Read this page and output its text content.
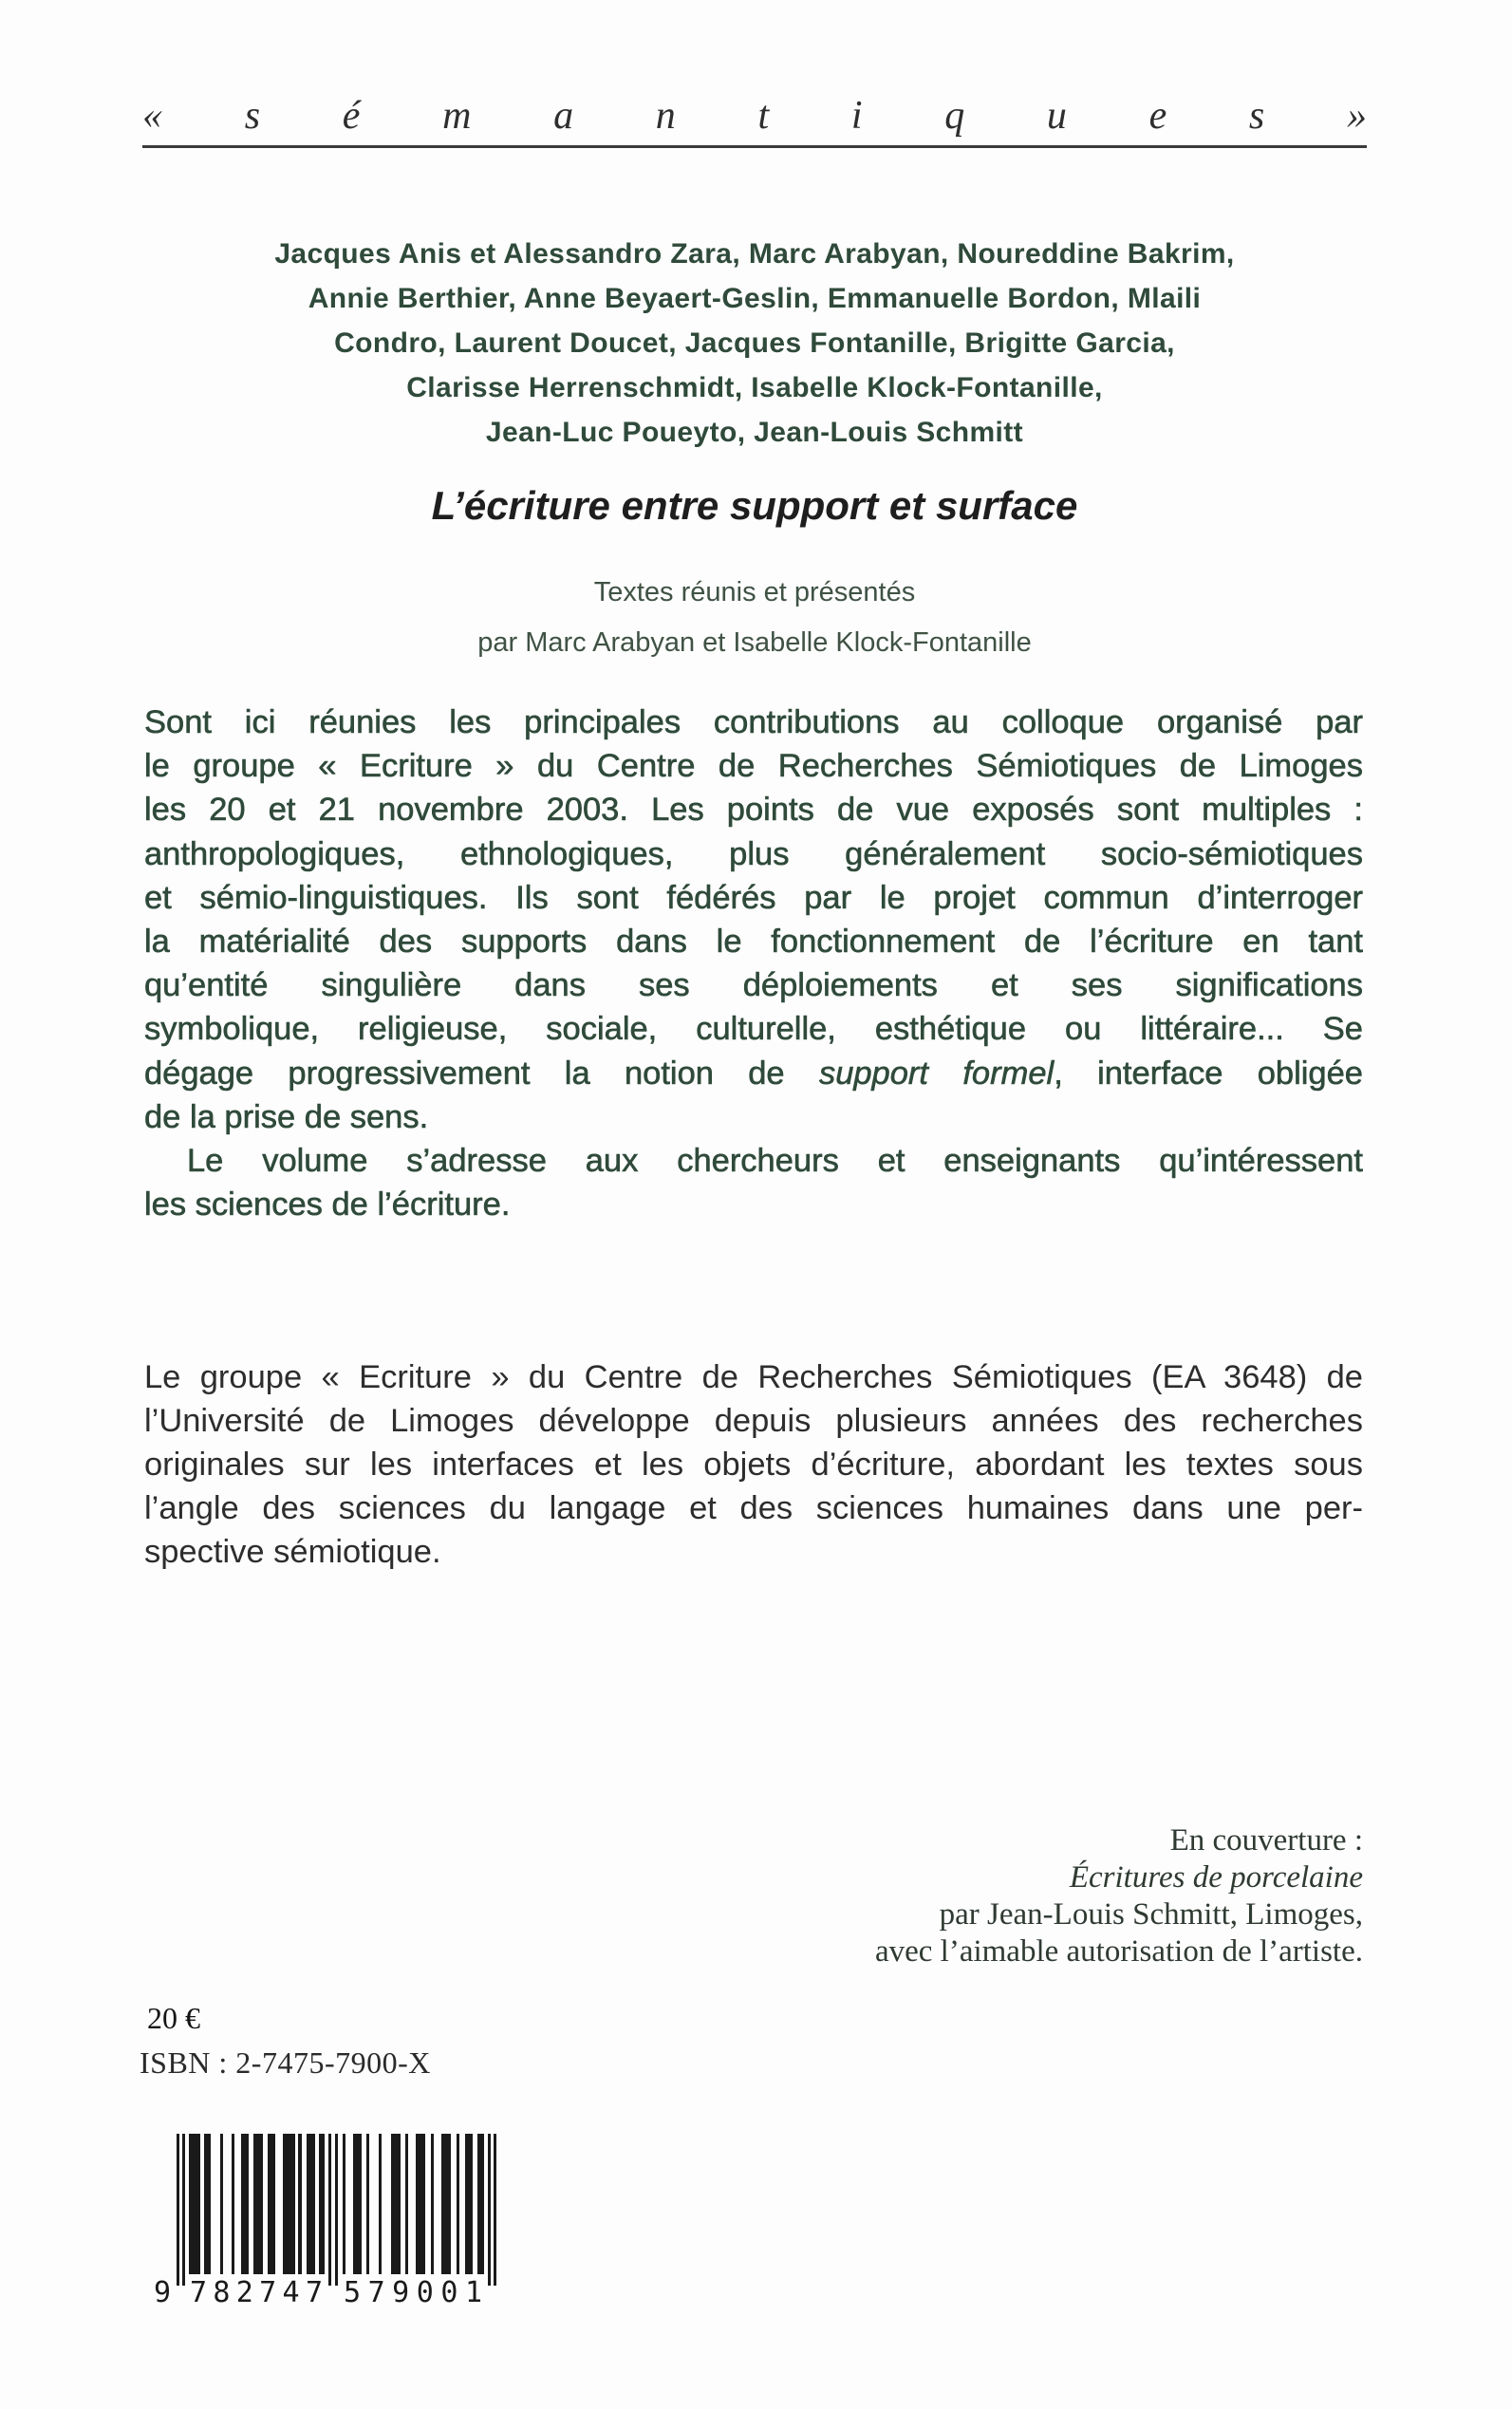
« s é m a n t i q u e s »
Jacques Anis et Alessandro Zara, Marc Arabyan, Noureddine Bakrim,
Annie Berthier, Anne Beyaert-Geslin, Emmanuelle Bordon, Mlaili
Condro, Laurent Doucet, Jacques Fontanille, Brigitte Garcia,
Clarisse Herrenschmidt, Isabelle Klock-Fontanille,
Jean-Luc Poueyto, Jean-Louis Schmitt
L’écriture entre support et surface
Textes réunis et présentés
par Marc Arabyan et Isabelle Klock-Fontanille

Sont ici réunies les principales contributions au colloque organisé par
le groupe « Ecriture » du Centre de Recherches Sémiotiques de Limoges
les 20 et 21 novembre 2003. Les points de vue exposés sont multiples :
anthropologiques, ethnologiques, plus généralement socio-sémiotiques
et sémio-linguistiques. Ils sont fédérés par le projet commun d’interroger
la matérialité des supports dans le fonctionnement de l’écriture en tant
qu’entité singulière dans ses déploiements et ses significations
symbolique, religieuse, sociale, culturelle, esthétique ou littéraire... Se
dégage progressivement la notion de support formel, interface obligée
de la prise de sens.

Le volume s’adresse aux chercheurs et enseignants qu’intéressent
les sciences de l’écriture.

Le groupe « Ecriture » du Centre de Recherches Sémiotiques (EA 3648) de
l’Université de Limoges développe depuis plusieurs années des recherches
originales sur les interfaces et les objets d’écriture, abordant les textes sous
l’angle des sciences du langage et des sciences humaines dans une per-
spective sémiotique.
En couverture :
Écritures de porcelaine
par Jean-Louis Schmitt, Limoges,
avec l’aimable autorisation de l’artiste.
20 €
ISBN : 2-7475-7900-X
9 782747 579001
